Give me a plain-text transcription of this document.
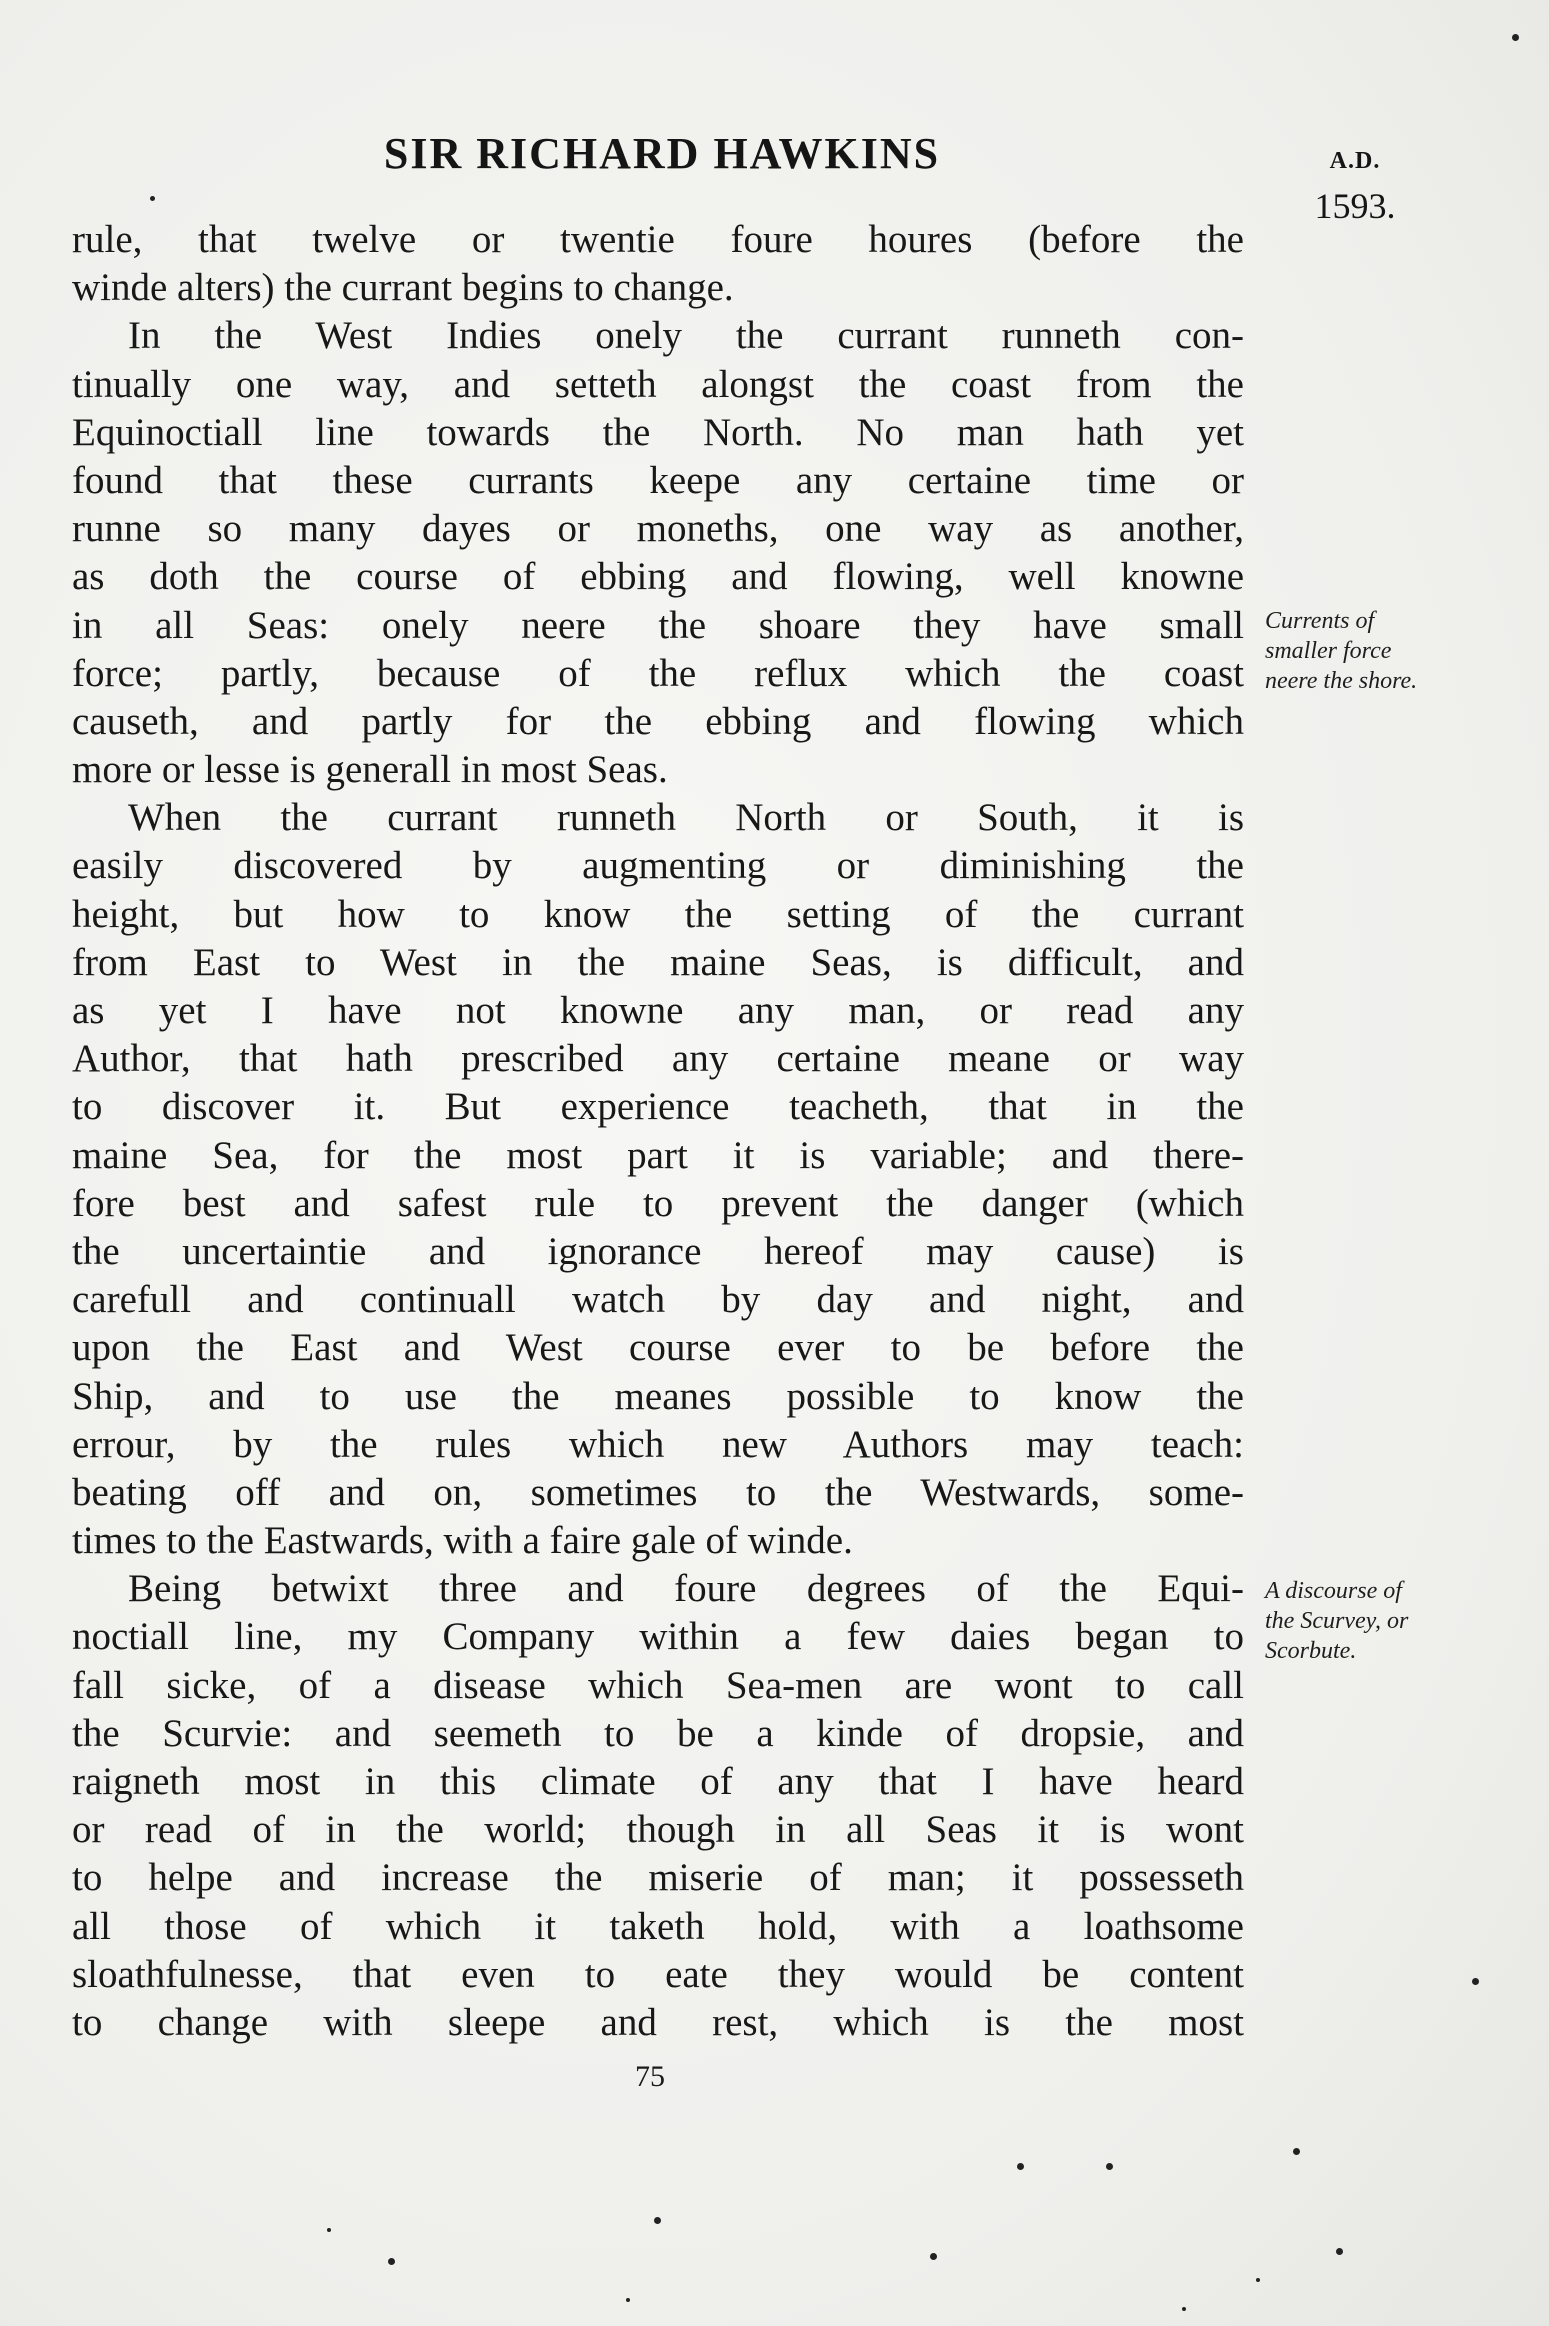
SIR RICHARD HAWKINS	A.D.
1593.
rule, that twelve or twentie foure houres (before the
winde alters) the currant begins to change.
In the West Indies onely the currant runneth con-
tinually one way, and setteth alongst the coast from the
Equinoctiall line towards the North. No man hath yet
found that these currants keepe any certaine time or
runne so many dayes or moneths, one way as another,
as doth the course of ebbing and flowing, well knowne
in all Seas: onely neere the shoare they have small
force; partly, because of the reflux which the coast
causeth, and partly for the ebbing and flowing which
more or lesse is generall in most Seas.
When the currant runneth North or South, it is
easily discovered by augmenting or diminishing the
height, but how to know the setting of the currant
from East to West in the maine Seas, is difficult, and
as yet I have not knowne any man, or read any
Author, that hath prescribed any certaine meane or way
to discover it. But experience teacheth, that in the
maine Sea, for the most part it is variable; and there-
fore best and safest rule to prevent the danger (which
the uncertaintie and ignorance hereof may cause) is
carefull and continuall watch by day and night, and
upon the East and West course ever to be before the
Ship, and to use the meanes possible to know the
errour, by the rules which new Authors may teach:
beating off and on, sometimes to the Westwards, some-
times to the Eastwards, with a faire gale of winde.
Being betwixt three and foure degrees of the Equi-
noctiall line, my Company within a few daies began to
fall sicke, of a disease which Sea-men are wont to call
the Scurvie: and seemeth to be a kinde of dropsie, and
raigneth most in this climate of any that I have heard
or read of in the world; though in all Seas it is wont
to helpe and increase the miserie of man; it possesseth
all those of which it taketh hold, with a loathsome
sloathfulnesse, that even to eate they would be content
to change with sleepe and rest, which is the most
Currents of
smaller force
neere the shore.
A discourse of
the Scurvey, or
Scorbute.
75
